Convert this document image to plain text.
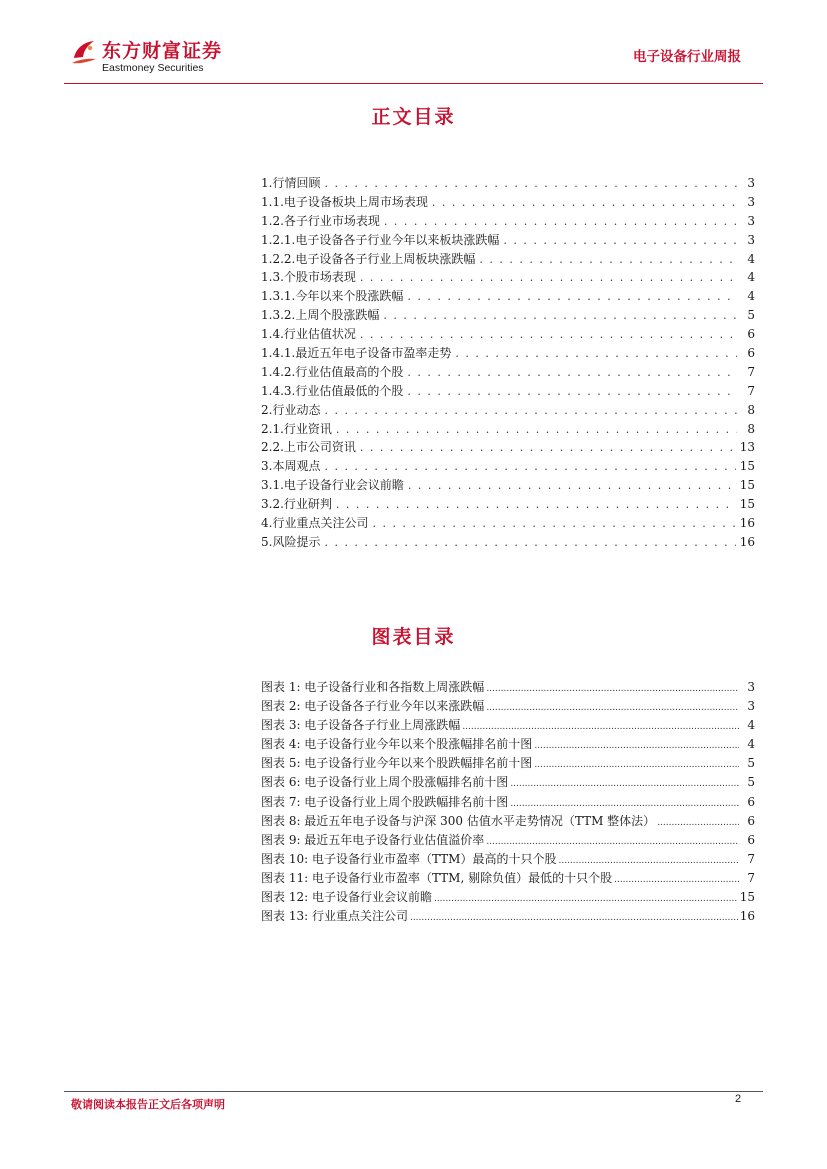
东方财富证券
Eastmoney Securities
电子设备行业周报
正文目录
1.行情回顾 . . .	3
1.1.电子设备板块上周市场表现 . . .	3
1.2.各子行业市场表现 . . .	3
1.2.1.电子设备各子行业今年以来板块涨跌幅 . . .	3
1.2.2.电子设备各子行业上周板块涨跌幅 . . .	4
1.3.个股市场表现 . . .	4
1.3.1.今年以来个股涨跌幅 . . .	4
1.3.2.上周个股涨跌幅 . . .	5
1.4.行业估值状况 . . .	6
1.4.1.最近五年电子设备市盈率走势 . . .	6
1.4.2.行业估值最高的个股 . . .	7
1.4.3.行业估值最低的个股 . . .	7
2.行业动态 . . .	8
2.1.行业资讯 . . .	8
2.2.上市公司资讯 . . .	13
3.本周观点 . . .	15
3.1.电子设备行业会议前瞻 . . .	15
3.2.行业研判 . . .	15
4.行业重点关注公司 . . .	16
5.风险提示 . . .	16
图表目录
图表 1: 电子设备行业和各指数上周涨跌幅 .....	3
图表 2: 电子设备各子行业今年以来涨跌幅 .....	3
图表 3: 电子设备各子行业上周涨跌幅 .....	4
图表 4: 电子设备行业今年以来个股涨幅排名前十图 .....	4
图表 5: 电子设备行业今年以来个股跌幅排名前十图 .....	5
图表 6: 电子设备行业上周个股涨幅排名前十图 .....	5
图表 7: 电子设备行业上周个股跌幅排名前十图 .....	6
图表 8: 最近五年电子设备与沪深 300 估值水平走势情况（TTM 整体法） .....	6
图表 9: 最近五年电子设备行业估值溢价率 .....	6
图表 10: 电子设备行业市盈率（TTM）最高的十只个股 .....	7
图表 11: 电子设备行业市盈率（TTM, 剔除负值）最低的十只个股 .....	7
图表 12: 电子设备行业会议前瞻 .....	15
图表 13: 行业重点关注公司 .....	16
敬请阅读本报告正文后各项声明	2
